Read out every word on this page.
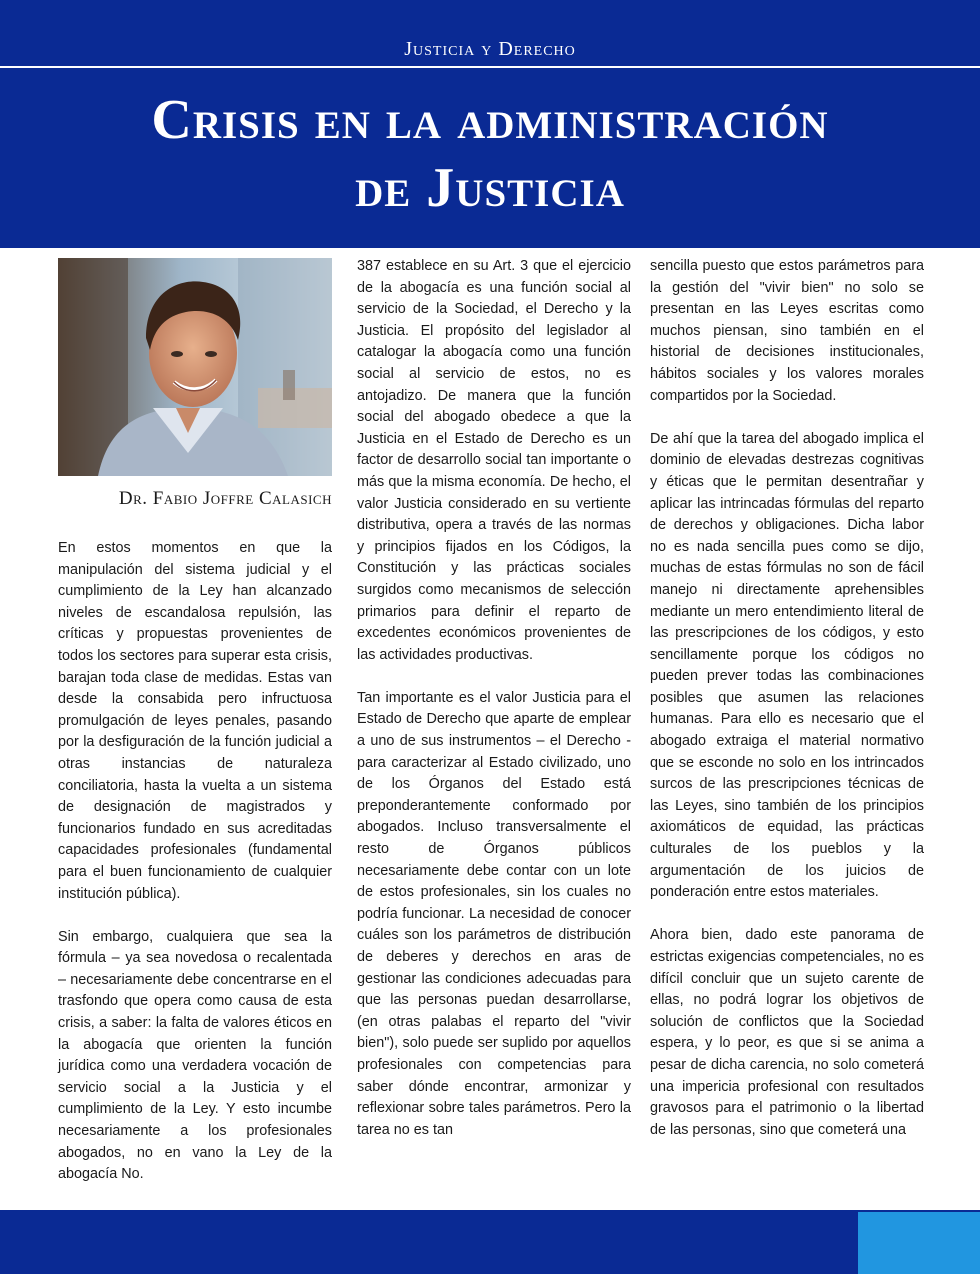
Justicia y Derecho
Crisis en la administración
de Justicia
Dr. Fabio Joffre Calasich

En estos momentos en que la manipulación del sistema judicial y el cumplimiento de la Ley han alcanzado niveles de escandalosa repulsión, las críticas y propuestas provenientes de todos los sectores para superar esta crisis, barajan toda clase de medidas. Estas van desde la consabida pero infructuosa promulgación de leyes penales, pasando por la desfiguración de la función judicial a otras instancias de naturaleza conciliatoria, hasta la vuelta a un sistema de designación de magistrados y funcionarios fundado en sus acreditadas capacidades profesionales (fundamental para el buen funcionamiento de cualquier institución pública).

Sin embargo, cualquiera que sea la fórmula – ya sea novedosa o recalentada – necesariamente debe concentrarse en el trasfondo que opera como causa de esta crisis, a saber: la falta de valores éticos en la abogacía que orienten la función jurídica como una verdadera vocación de servicio social a la Justicia y el cumplimiento de la Ley. Y esto incumbe necesariamente a los profesionales abogados, no en vano la Ley de la abogacía No.

387 establece en su Art. 3 que el ejercicio de la abogacía es una función social al servicio de la Sociedad, el Derecho y la Justicia. El propósito del legislador al catalogar la abogacía como una función social al servicio de estos, no es antojadizo. De manera que la función social del abogado obedece a que la Justicia en el Estado de Derecho es un factor de desarrollo social tan importante o más que la misma economía. De hecho, el valor Justicia considerado en su vertiente distributiva, opera a través de las normas y principios fijados en los Códigos, la Constitución y las prácticas sociales surgidos como mecanismos de selección primarios para definir el reparto de excedentes económicos provenientes de las actividades productivas.

Tan importante es el valor Justicia para el Estado de Derecho que aparte de emplear a uno de sus instrumentos – el Derecho - para caracterizar al Estado civilizado, uno de los Órganos del Estado está preponderantemente conformado por abogados. Incluso transversalmente el resto de Órganos públicos necesariamente debe contar con un lote de estos profesionales, sin los cuales no podría funcionar. La necesidad de conocer cuáles son los parámetros de distribución de deberes y derechos en aras de gestionar las condiciones adecuadas para que las personas puedan desarrollarse, (en otras palabas el reparto del "vivir bien"), solo puede ser suplido por aquellos profesionales con competencias para saber dónde encontrar, armonizar y reflexionar sobre tales parámetros. Pero la tarea no es tan

sencilla puesto que estos parámetros para la gestión del "vivir bien" no solo se presentan en las Leyes escritas como muchos piensan, sino también en el historial de decisiones institucionales, hábitos sociales y los valores morales compartidos por la Sociedad.

De ahí que la tarea del abogado implica el dominio de elevadas destrezas cognitivas y éticas que le permitan desentrañar y aplicar las intrincadas fórmulas del reparto de derechos y obligaciones. Dicha labor no es nada sencilla pues como se dijo, muchas de estas fórmulas no son de fácil manejo ni directamente aprehensibles mediante un mero entendimiento literal de las prescripciones de los códigos, y esto sencillamente porque los códigos no pueden prever todas las combinaciones posibles que asumen las relaciones humanas. Para ello es necesario que el abogado extraiga el material normativo que se esconde no solo en los intrincados surcos de las prescripciones técnicas de las Leyes, sino también de los principios axiomáticos de equidad, las prácticas culturales de los pueblos y la argumentación de los juicios de ponderación entre estos materiales.

Ahora bien, dado este panorama de estrictas exigencias competenciales, no es difícil concluir que un sujeto carente de ellas, no podrá lograr los objetivos de solución de conflictos que la Sociedad espera, y lo peor, es que si se anima a pesar de dicha carencia, no solo cometerá una impericia profesional con resultados gravosos para el patrimonio o la libertad de las personas, sino que cometerá una
